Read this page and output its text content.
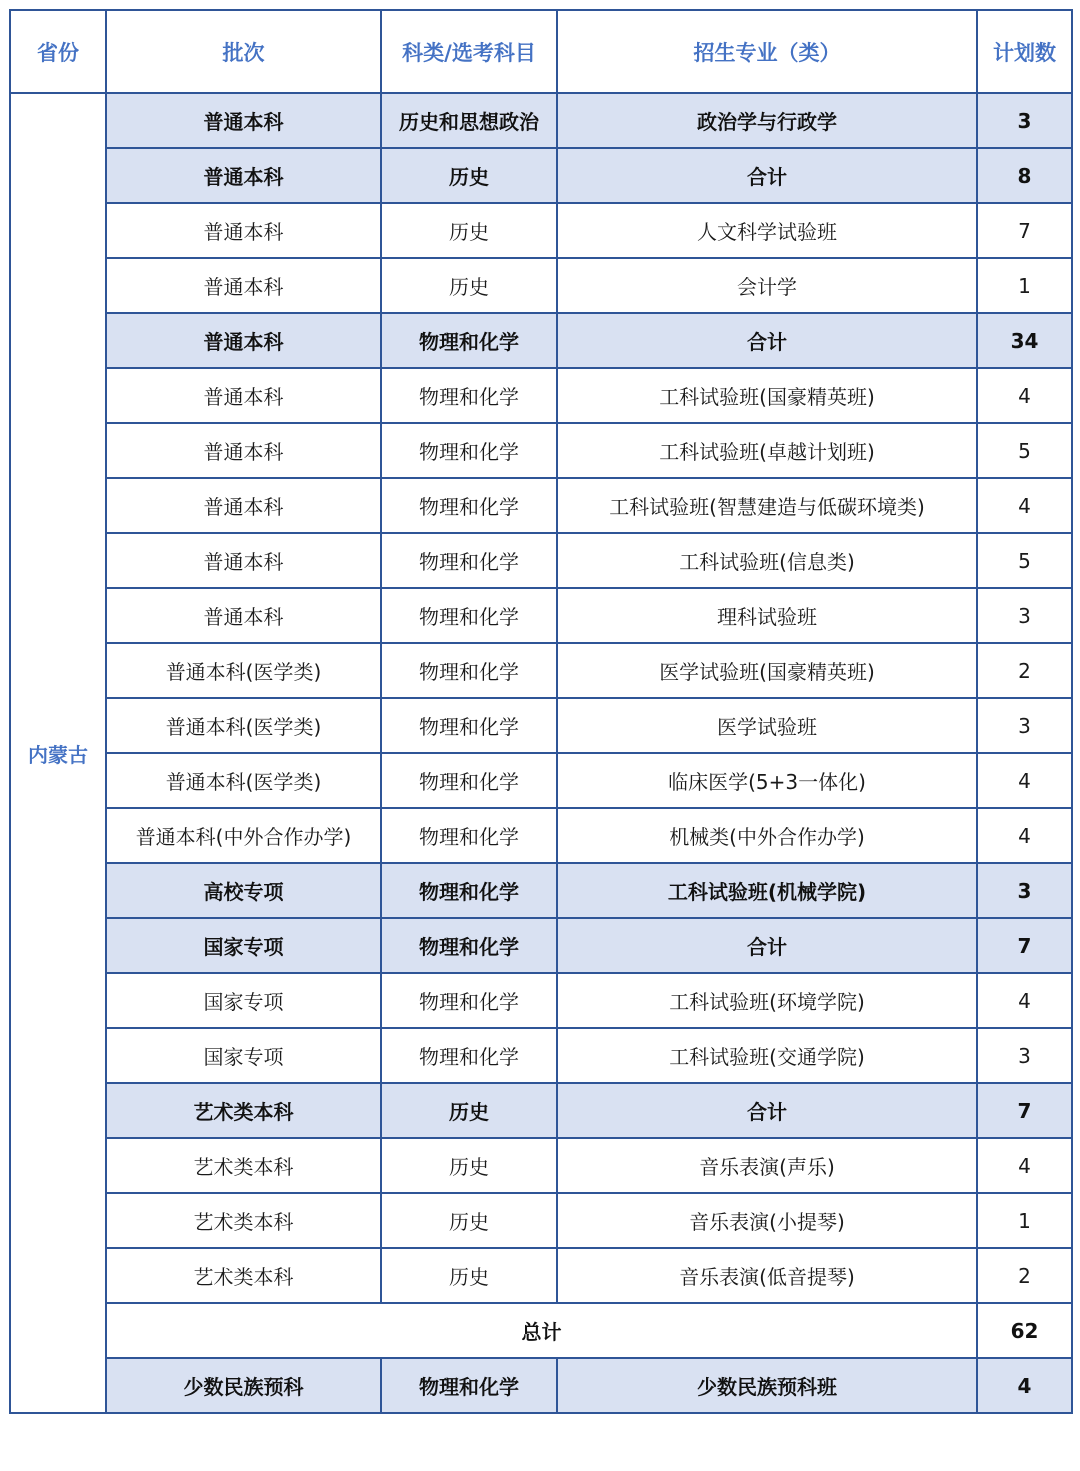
省份	批次	科类/选考科目	招生专业（类）	计划数
内蒙古	普通本科	历史和思想政治	政治学与行政学	3
	普通本科	历史	合计	8
	普通本科	历史	人文科学试验班	7
	普通本科	历史	会计学	1
	普通本科	物理和化学	合计	34
	普通本科	物理和化学	工科试验班(国豪精英班)	4
	普通本科	物理和化学	工科试验班(卓越计划班)	5
	普通本科	物理和化学	工科试验班(智慧建造与低碳环境类)	4
	普通本科	物理和化学	工科试验班(信息类)	5
	普通本科	物理和化学	理科试验班	3
	普通本科(医学类)	物理和化学	医学试验班(国豪精英班)	2
	普通本科(医学类)	物理和化学	医学试验班	3
	普通本科(医学类)	物理和化学	临床医学(5+3一体化)	4
	普通本科(中外合作办学)	物理和化学	机械类(中外合作办学)	4
	高校专项	物理和化学	工科试验班(机械学院)	3
	国家专项	物理和化学	合计	7
	国家专项	物理和化学	工科试验班(环境学院)	4
	国家专项	物理和化学	工科试验班(交通学院)	3
	艺术类本科	历史	合计	7
	艺术类本科	历史	音乐表演(声乐)	4
	艺术类本科	历史	音乐表演(小提琴)	1
	艺术类本科	历史	音乐表演(低音提琴)	2
	总计			62
	少数民族预科	物理和化学	少数民族预科班	4
